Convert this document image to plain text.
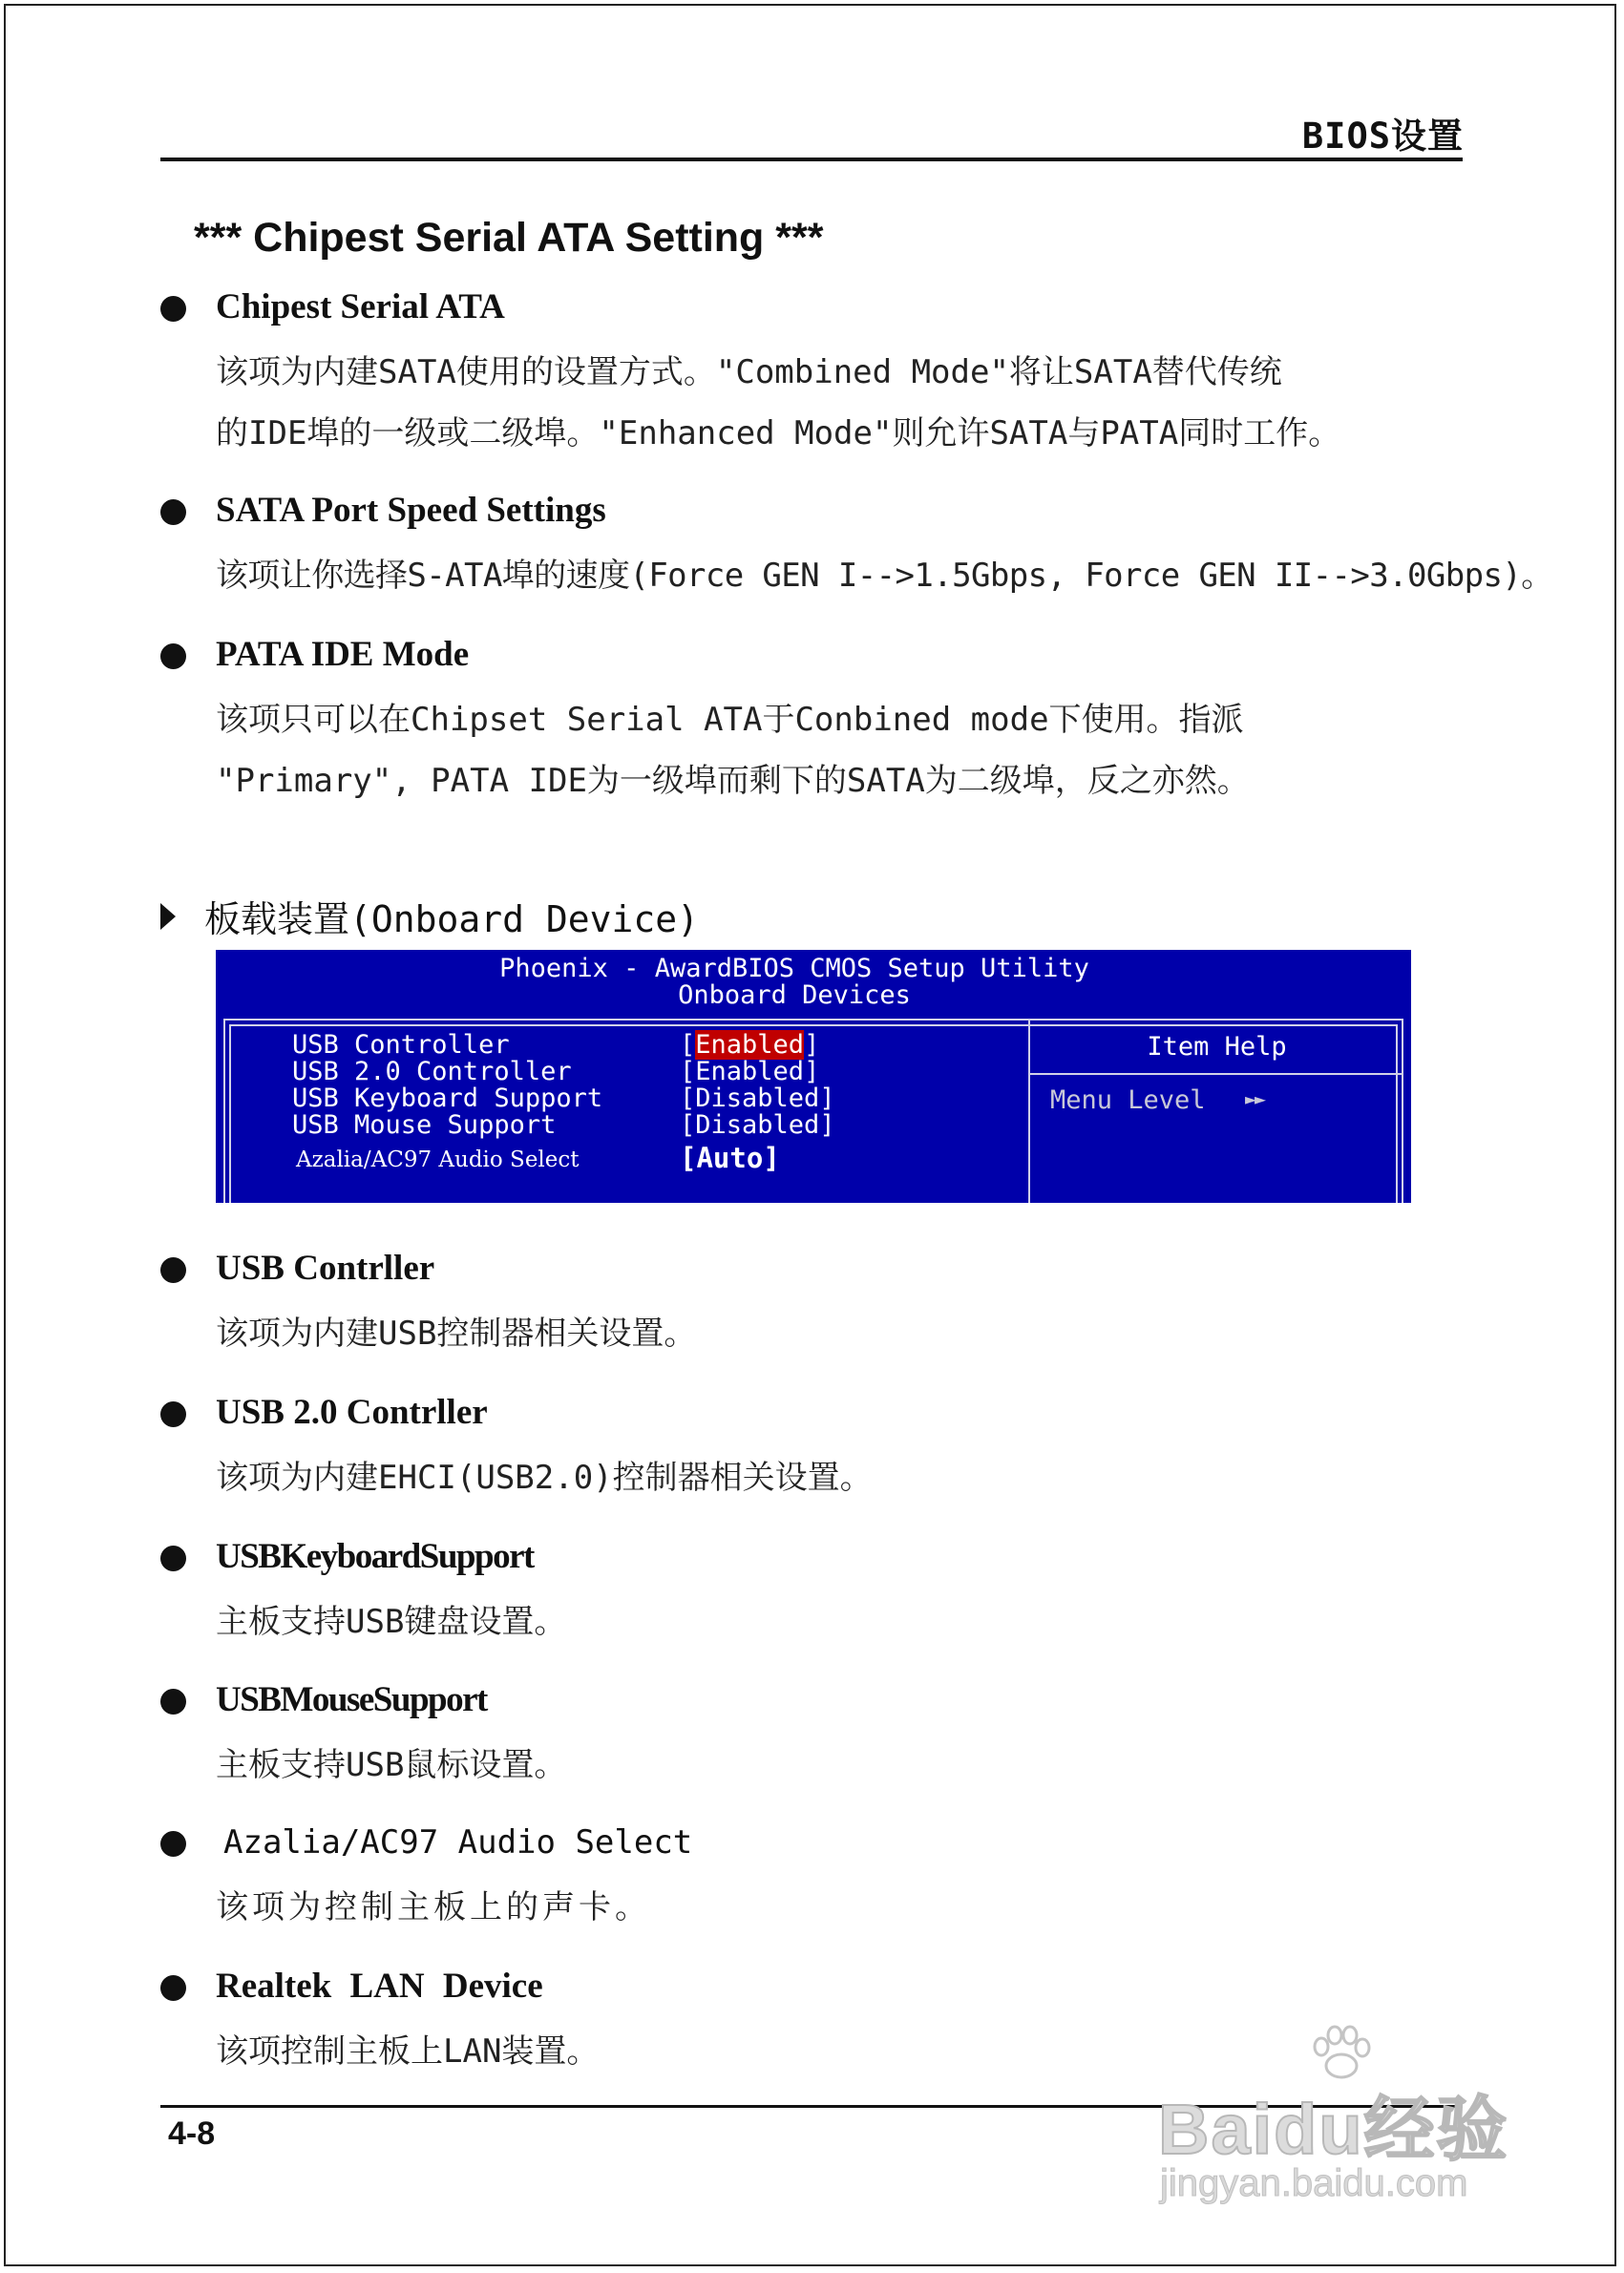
BIOS设置
*** Chipest Serial ATA Setting ***
Chipest Serial ATA
该项为内建SATA使用的设置方式。"Combined Mode"将让SATA替代传统
的IDE埠的一级或二级埠。"Enhanced Mode"则允许SATA与PATA同时工作。
SATA Port Speed Settings
该项让你选择S-ATA埠的速度(Force GEN I-->1.5Gbps, Force GEN II-->3.0Gbps)。
PATA IDE Mode
该项只可以在Chipset Serial ATA于Conbined mode下使用。指派
"Primary", PATA IDE为一级埠而剩下的SATA为二级埠，反之亦然。
板载装置(Onboard Device)
Phoenix - AwardBIOS CMOS Setup Utility
Onboard Devices
USB Controller	[Enabled]
USB 2.0 Controller	[Enabled]
USB Keyboard Support	[Disabled]
USB Mouse Support	[Disabled]
Azalia/AC97 Audio Select	[Auto]
Item Help
Menu Level ►►
USB Contrller
该项为内建USB控制器相关设置。
USB 2.0 Contrller
该项为内建EHCI(USB2.0)控制器相关设置。
USBKeyboardSupport
主板支持USB键盘设置。
USBMouseSupport
主板支持USB鼠标设置。
Azalia/AC97 Audio Select
该项为控制主板上的声卡。
Realtek LAN Device
该项控制主板上LAN装置。
4-8	Baidu经验
jingyan.baidu.com
